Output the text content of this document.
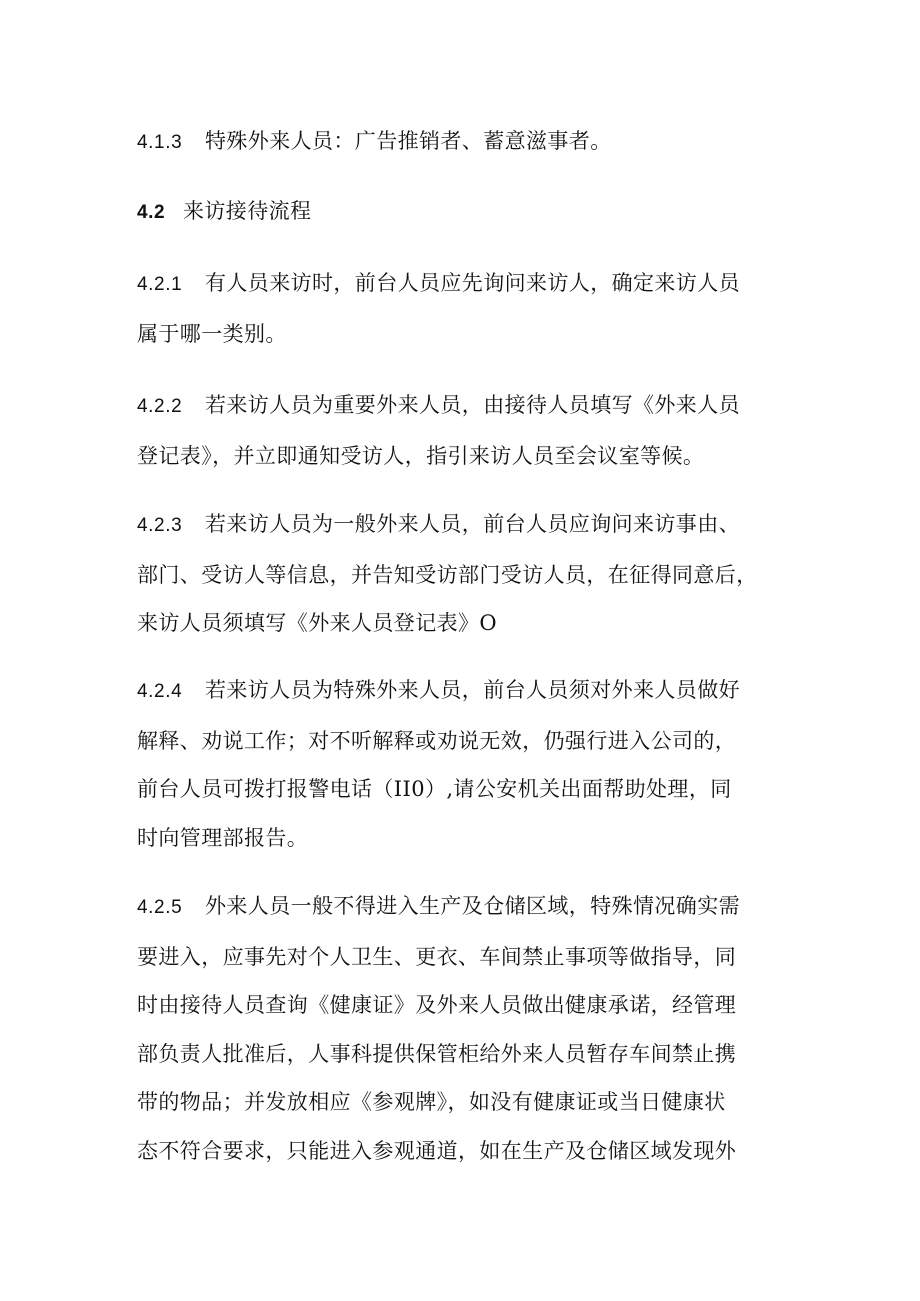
4.1.3 特殊外来人员：广告推销者、蓄意滋事者。

4.2 来访接待流程

4.2.1 有人员来访时，前台人员应先询问来访人，确定来访人员
属于哪一类别。

4.2.2 若来访人员为重要外来人员，由接待人员填写《外来人员
登记表》，并立即通知受访人，指引来访人员至会议室等候。

4.2.3 若来访人员为一般外来人员，前台人员应询问来访事由、
部门、受访人等信息，并告知受访部门受访人员，在征得同意后，
来访人员须填写《外来人员登记表》O

4.2.4 若来访人员为特殊外来人员，前台人员须对外来人员做好
解释、劝说工作；对不听解释或劝说无效，仍强行进入公司的，
前台人员可拨打报警电话（II0）,请公安机关出面帮助处理，同
时向管理部报告。

4.2.5 外来人员一般不得进入生产及仓储区域，特殊情况确实需
要进入，应事先对个人卫生、更衣、车间禁止事项等做指导，同
时由接待人员查询《健康证》及外来人员做出健康承诺，经管理
部负责人批准后，人事科提供保管柜给外来人员暂存车间禁止携
带的物品；并发放相应《参观牌》，如没有健康证或当日健康状
态不符合要求，只能进入参观通道，如在生产及仓储区域发现外
